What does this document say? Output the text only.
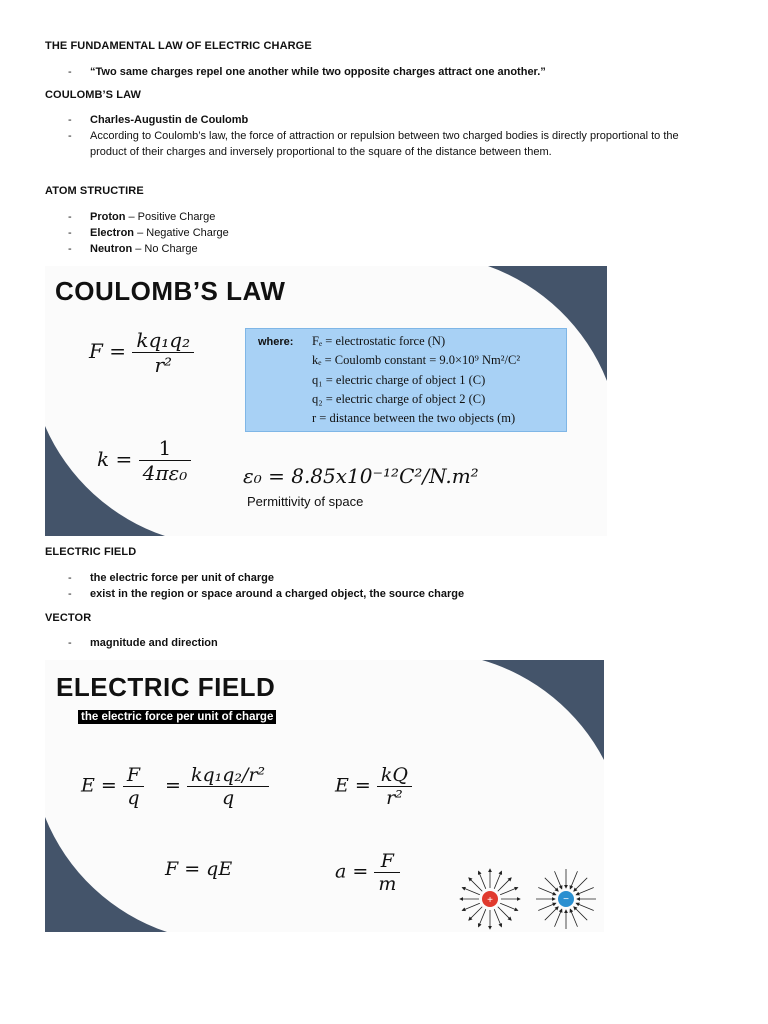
THE FUNDAMENTAL LAW OF ELECTRIC CHARGE
- “Two same charges repel one another while two opposite charges attract one another.”
COULOMB’S LAW
- Charles-Augustin de Coulomb
- According to Coulomb’s law, the force of attraction or repulsion between two charged bodies is directly proportional to the product of their charges and inversely proportional to the square of the distance between them.
ATOM STRUCTIRE
- Proton – Positive Charge
- Electron – Negative Charge
- Neutron – No Charge
COULOMB’S LAW
$F = \frac{\text{kq₁q₂}}{\text{r²}}$	where: Fₑ = electrostatic force (N)
kₑ = Coulomb constant = 9.0×10⁹ Nm²/C²
q₁ = electric charge of object 1 (C)
q₂ = electric charge of object 2 (C)
r = distance between the two objects (m)
$k = \frac{1}{\text{4πε₀}}$	ε₀ = 8.85x10⁻¹²C²/N.m²
Permittivity of space
ELECTRIC FIELD
- the electric force per unit of charge
- exist in the region or space around a charged object, the source charge
VECTOR
- magnitude and direction
ELECTRIC FIELD
the electric force per unit of charge
$E = \frac{F}{q} = \frac{\text{kq₁q₂/r²}}{q}$	$E = \frac{kQ}{\text{r²}}$
F = qE	$a = \frac{F}{m}$
+	−
